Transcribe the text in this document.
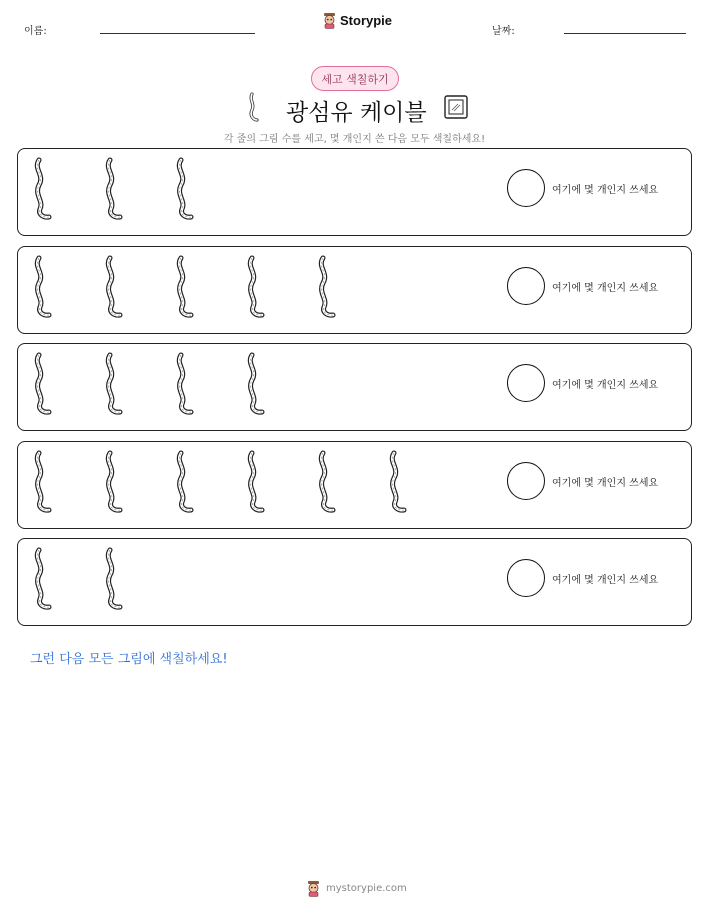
이름:
Storypie
날짜:
세고 색칠하기
광섬유 케이블
각 줄의 그림 수를 세고, 몇 개인지 쓴 다음 모두 색칠하세요!
여기에 몇 개인지 쓰세요
여기에 몇 개인지 쓰세요
여기에 몇 개인지 쓰세요
여기에 몇 개인지 쓰세요
여기에 몇 개인지 쓰세요
그런 다음 모든 그림에 색칠하세요!
mystorypie.com
